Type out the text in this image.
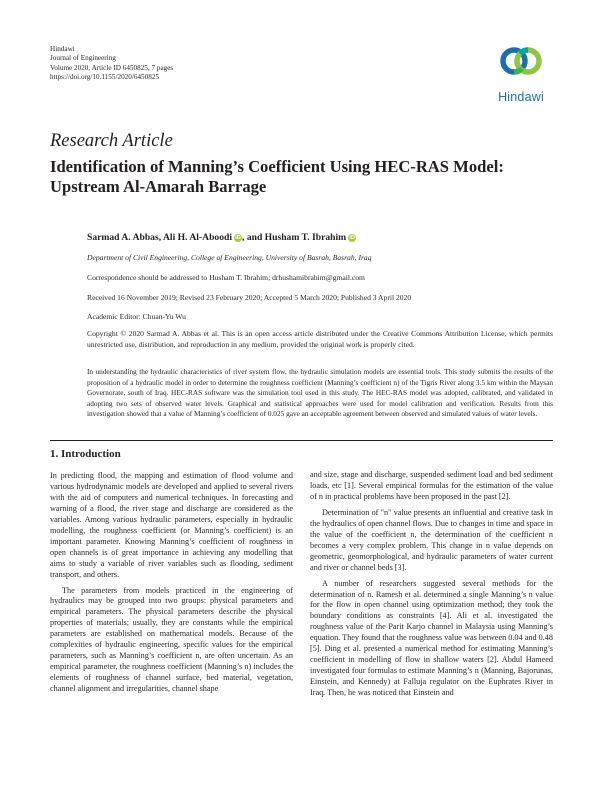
Hindawi
Journal of Engineering
Volume 2020, Article ID 6450825, 7 pages
https://doi.org/10.1155/2020/6450825
Hindawi
Research Article
Identification of Manning’s Coefficient Using HEC-RAS Model:
Upstream Al-Amarah Barrage
Sarmad A. Abbas, Ali H. Al-Aboodi iD, and Husham T. Ibrahim iD
Department of Civil Engineering, College of Engineering, University of Basrah, Basrah, Iraq
Correspondence should be addressed to Husham T. Ibrahim; drhushamibrahim@gmail.com
Received 16 November 2019; Revised 23 February 2020; Accepted 5 March 2020; Published 3 April 2020
Academic Editor: Chuan-Yu Wu
Copyright © 2020 Sarmad A. Abbas et al. This is an open access article distributed under the Creative Commons Attribution License, which permits unrestricted use, distribution, and reproduction in any medium, provided the original work is properly cited.
In understanding the hydraulic characteristics of river system flow, the hydraulic simulation models are essential tools. This study submits the results of the proposition of a hydraulic model in order to determine the roughness coefficient (Manning’s coefficient n) of the Tigris River along 3.5 km within the Maysan Governorate, south of Iraq. HEC-RAS software was the simulation tool used in this study. The HEC-RAS model was adopted, calibrated, and validated in adopting two sets of observed water levels. Graphical and statistical approaches were used for model calibration and verification. Results from this investigation showed that a value of Manning’s coefficient of 0.025 gave an acceptable agreement between observed and simulated values of water levels.
1. Introduction

In predicting flood, the mapping and estimation of flood volume and various hydrodynamic models are developed and applied to several rivers with the aid of computers and numerical techniques. In forecasting and warning of a flood, the river stage and discharge are considered as the variables. Among various hydraulic parameters, especially in hydraulic modelling, the roughness coefficient (or Manning’s coefficient) is an important parameter. Knowing Manning’s coefficient of roughness in open channels is of great importance in achieving any modelling that aims to study a variable of river variables such as flooding, sediment transport, and others.

The parameters from models practiced in the engineering of hydraulics may be grouped into two groups: physical parameters and empirical parameters. The physical parameters describe the physical properties of materials; usually, they are constants while the empirical parameters are established on mathematical models. Because of the complexities of hydraulic engineering, specific values for the empirical parameters, such as Manning’s coefficient n, are often uncertain. As an empirical parameter, the roughness coefficient (Manning’s n) includes the elements of roughness of channel surface, bed material, vegetation, channel alignment and irregularities, channel shape

and size, stage and discharge, suspended sediment load and bed sediment loads, etc [1]. Several empirical formulas for the estimation of the value of n in practical problems have been proposed in the past [2].

Determination of "n" value presents an influential and creative task in the hydraulics of open channel flows. Due to changes in time and space in the value of the coefficient n, the determination of the coefficient n becomes a very complex problem. This change in n value depends on geometric, geomorphological, and hydraulic parameters of water current and river or channel beds [3].

A number of researchers suggested several methods for the determination of n. Ramesh et al. determined a single Manning’s n value for the flow in open channel using optimization method; they took the boundary conditions as constraints [4]. Ali et al. investigated the roughness value of the Parit Karjo channel in Malaysia using Manning’s equation. They found that the roughness value was between 0.04 and 0.48 [5]. Ding et al. presented a numerical method for estimating Manning’s coefficient in modelling of flow in shallow waters [2]. Abdul Hameed investigated four formulas to estimate Manning’s n (Manning, Bajorunas, Einstein, and Kennedy) at Falluja regulator on the Euphrates River in Iraq. Then, he was noticed that Einstein and
